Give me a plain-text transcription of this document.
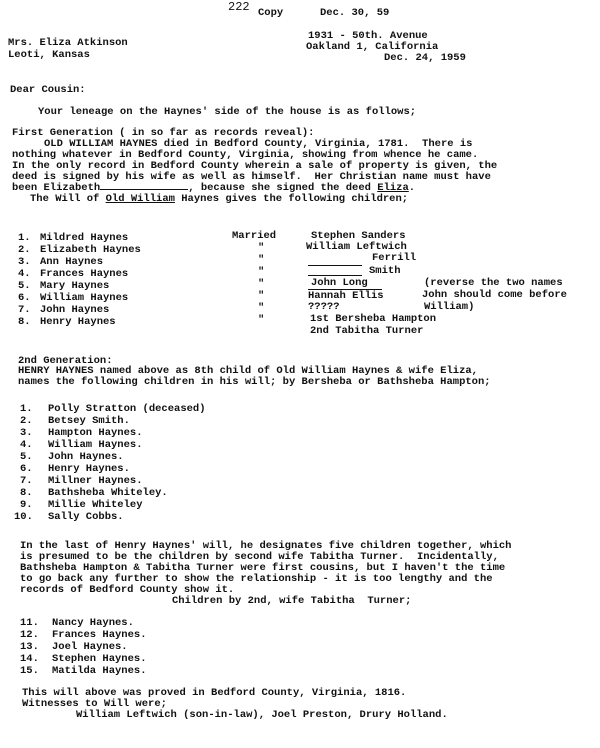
222 Copy	Dec. 30, 59
1931 - 50th. Avenue
Oakland 1, California
Dec. 24, 1959
Mrs. Eliza Atkinson
Leoti, Kansas
Dear Cousin:
Your leneage on the Haynes' side of the house is as follows;
First Generation ( in so far as records reveal):
OLD WILLIAM HAYNES died in Bedford County, Virginia, 1781.  There is
nothing whatever in Bedford County, Virginia, showing from whence he came.
In the only record in Bedford County wherein a sale of property is given, the
deed is signed by his wife as well as himself.  Her Christian name must have
been Elizabeth	, because she signed the deed Eliza.
The Will of Old William Haynes gives the following children;
1. Mildred Haynes
2. Elizabeth Haynes
3. Ann Haynes
4. Frances Haynes
5. Mary Haynes
6. William Haynes
7. John Haynes
8. Henry Haynes
Married
"
"
"
"
"
"
"
Stephen Sanders
William Leftwich
Ferrill
Smith
John Long
Hannah Ellis
?????
1st Bersheba Hampton
2nd Tabitha Turner
(reverse the two names
John should come before
William)
2nd Generation:
HENRY HAYNES named above as 8th child of Old William Haynes & wife Eliza,
names the following children in his will; by Bersheba or Bathsheba Hampton;
1. Polly Stratton (deceased)
2. Betsey Smith.
3. Hampton Haynes.
4. William Haynes.
5. John Haynes.
6. Henry Haynes.
7. Millner Haynes.
8. Bathsheba Whiteley.
9. Millie Whiteley
10. Sally Cobbs.
In the last of Henry Haynes' will, he designates five children together, which
is presumed to be the children by second wife Tabitha Turner.  Incidentally,
Bathsheba Hampton & Tabitha Turner were first cousins, but I haven't the time
to go back any further to show the relationship - it is too lengthy and the
records of Bedford County show it.
Children by 2nd, wife Tabitha  Turner;
11. Nancy Haynes.
12. Frances Haynes.
13. Joel Haynes.
14. Stephen Haynes.
15. Matilda Haynes.
This will above was proved in Bedford County, Virginia, 1816.
Witnesses to Will were;
William Leftwich (son-in-law), Joel Preston, Drury Holland.
